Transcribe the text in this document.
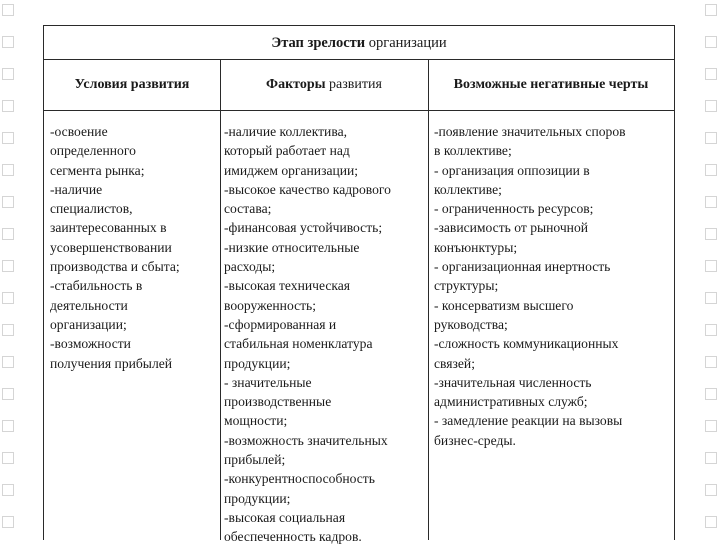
Этап зрелости организации
Условия развития	Факторы развития	Возможные негативные черты
-освоение
определенного
сегмента рынка;
-наличие
специалистов,
заинтересованных в
усовершенствовании
производства и сбыта;
-стабильность в
деятельности
организации;
-возможности
получения прибылей
-наличие коллектива,
который работает над
имиджем организации;
-высокое качество кадрового
состава;
-финансовая устойчивость;
-низкие относительные
расходы;
-высокая техническая
вооруженность;
-сформированная и
стабильная номенклатура
продукции;
- значительные
производственные
мощности;
-возможность значительных
прибылей;
-конкурентноспособность
продукции;
-высокая социальная
обеспеченность кадров.
-появление значительных споров
в коллективе;
- организация оппозиции в
коллективе;
- ограниченность ресурсов;
-зависимость от рыночной
конъюнктуры;
- организационная инертность
структуры;
- консерватизм высшего
руководства;
-сложность коммуникационных
связей;
-значительная численность
административных служб;
- замедление реакции на вызовы
бизнес-среды.
